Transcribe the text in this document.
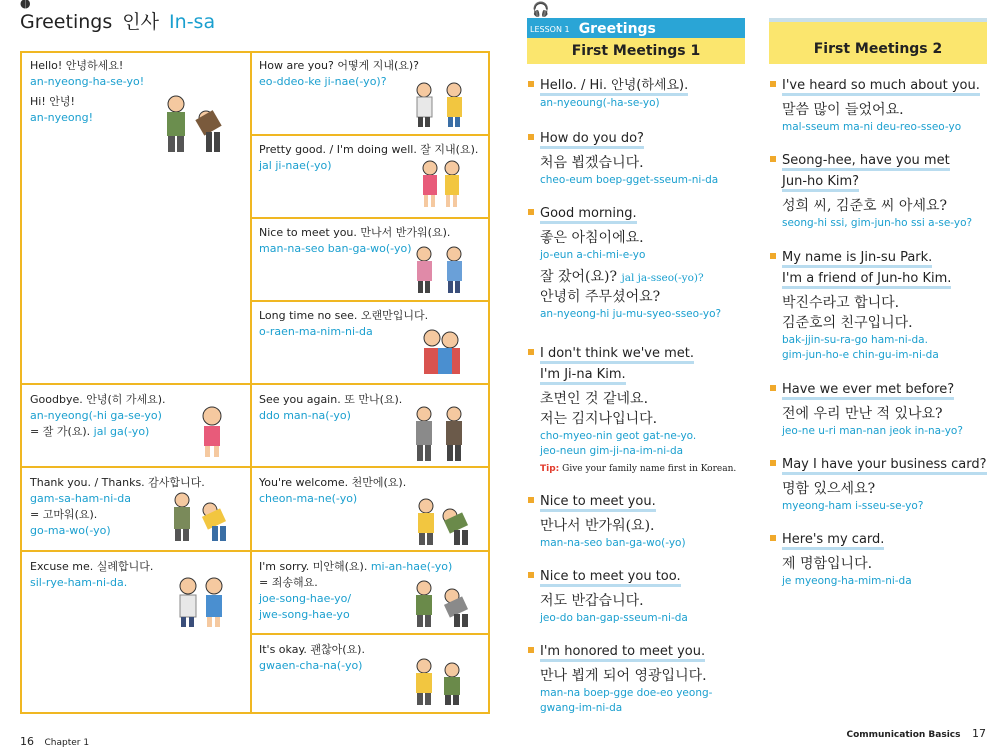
◖◗
Greetings 인사 In-sa
Hello! 안녕하세요!
an-nyeong-ha-se-yo!
Hi! 안녕!
an-nyeong!
How are you? 어떻게 지내(요)?
eo-ddeo-ke ji-nae(-yo)?
Pretty good. / I'm doing well. 잘 지내(요).
jal ji-nae(-yo)
Nice to meet you. 만나서 반가워(요).
man-na-seo ban-ga-wo(-yo)
Long time no see. 오랜만입니다.
o-raen-ma-nim-ni-da
Goodbye. 안녕(히 가세요).
an-nyeong(-hi ga-se-yo)
= 잘 가(요). jal ga(-yo)
See you again. 또 만나(요).
ddo man-na(-yo)
Thank you. / Thanks. 감사합니다.
gam-sa-ham-ni-da
= 고마워(요).
go-ma-wo(-yo)
You're welcome. 천만에(요).
cheon-ma-ne(-yo)
Excuse me. 실례합니다.
sil-rye-ham-ni-da.
I'm sorry. 미안해(요). mi-an-hae(-yo)
= 죄송해요.
joe-song-hae-yo/
jwe-song-hae-yo
It's okay. 괜찮아(요).
gwaen-cha-na(-yo)
16 Chapter 1
🎧
LESSON 1 Greetings
First Meetings 1	First Meetings 2
Hello. / Hi. 안녕(하세요).
an-nyeoung(-ha-se-yo)
How do you do?
처음 뵙겠습니다.
cheo-eum boep-gget-sseum-ni-da
Good morning.
좋은 아침이에요.
jo-eun a-chi-mi-e-yo
잘 잤어(요)? jal ja-sseo(-yo)?
안녕히 주무셨어요?
an-nyeong-hi ju-mu-syeo-sseo-yo?
I don't think we've met.
I'm Ji-na Kim.
초면인 것 같네요.
저는 김지나입니다.
cho-myeo-nin geot gat-ne-yo.
jeo-neun gim-ji-na-im-ni-da
Tip: Give your family name first in Korean.
Nice to meet you.
만나서 반가워(요).
man-na-seo ban-ga-wo(-yo)
Nice to meet you too.
저도 반갑습니다.
jeo-do ban-gap-sseum-ni-da
I'm honored to meet you.
만나 뵙게 되어 영광입니다.
man-na boep-gge doe-eo yeong-
gwang-im-ni-da
I've heard so much about you.
말씀 많이 들었어요.
mal-sseum ma-ni deu-reo-sseo-yo
Seong-hee, have you met
Jun-ho Kim?
성희 씨, 김준호 씨 아세요?
seong-hi ssi, gim-jun-ho ssi a-se-yo?
My name is Jin-su Park.
I'm a friend of Jun-ho Kim.
박진수라고 합니다.
김준호의 친구입니다.
bak-jjin-su-ra-go ham-ni-da.
gim-jun-ho-e chin-gu-im-ni-da
Have we ever met before?
전에 우리 만난 적 있나요?
jeo-ne u-ri man-nan jeok in-na-yo?
May I have your business card?
명함 있으세요?
myeong-ham i-sseu-se-yo?
Here's my card.
제 명함입니다.
je myeong-ha-mim-ni-da
Communication Basics 17
